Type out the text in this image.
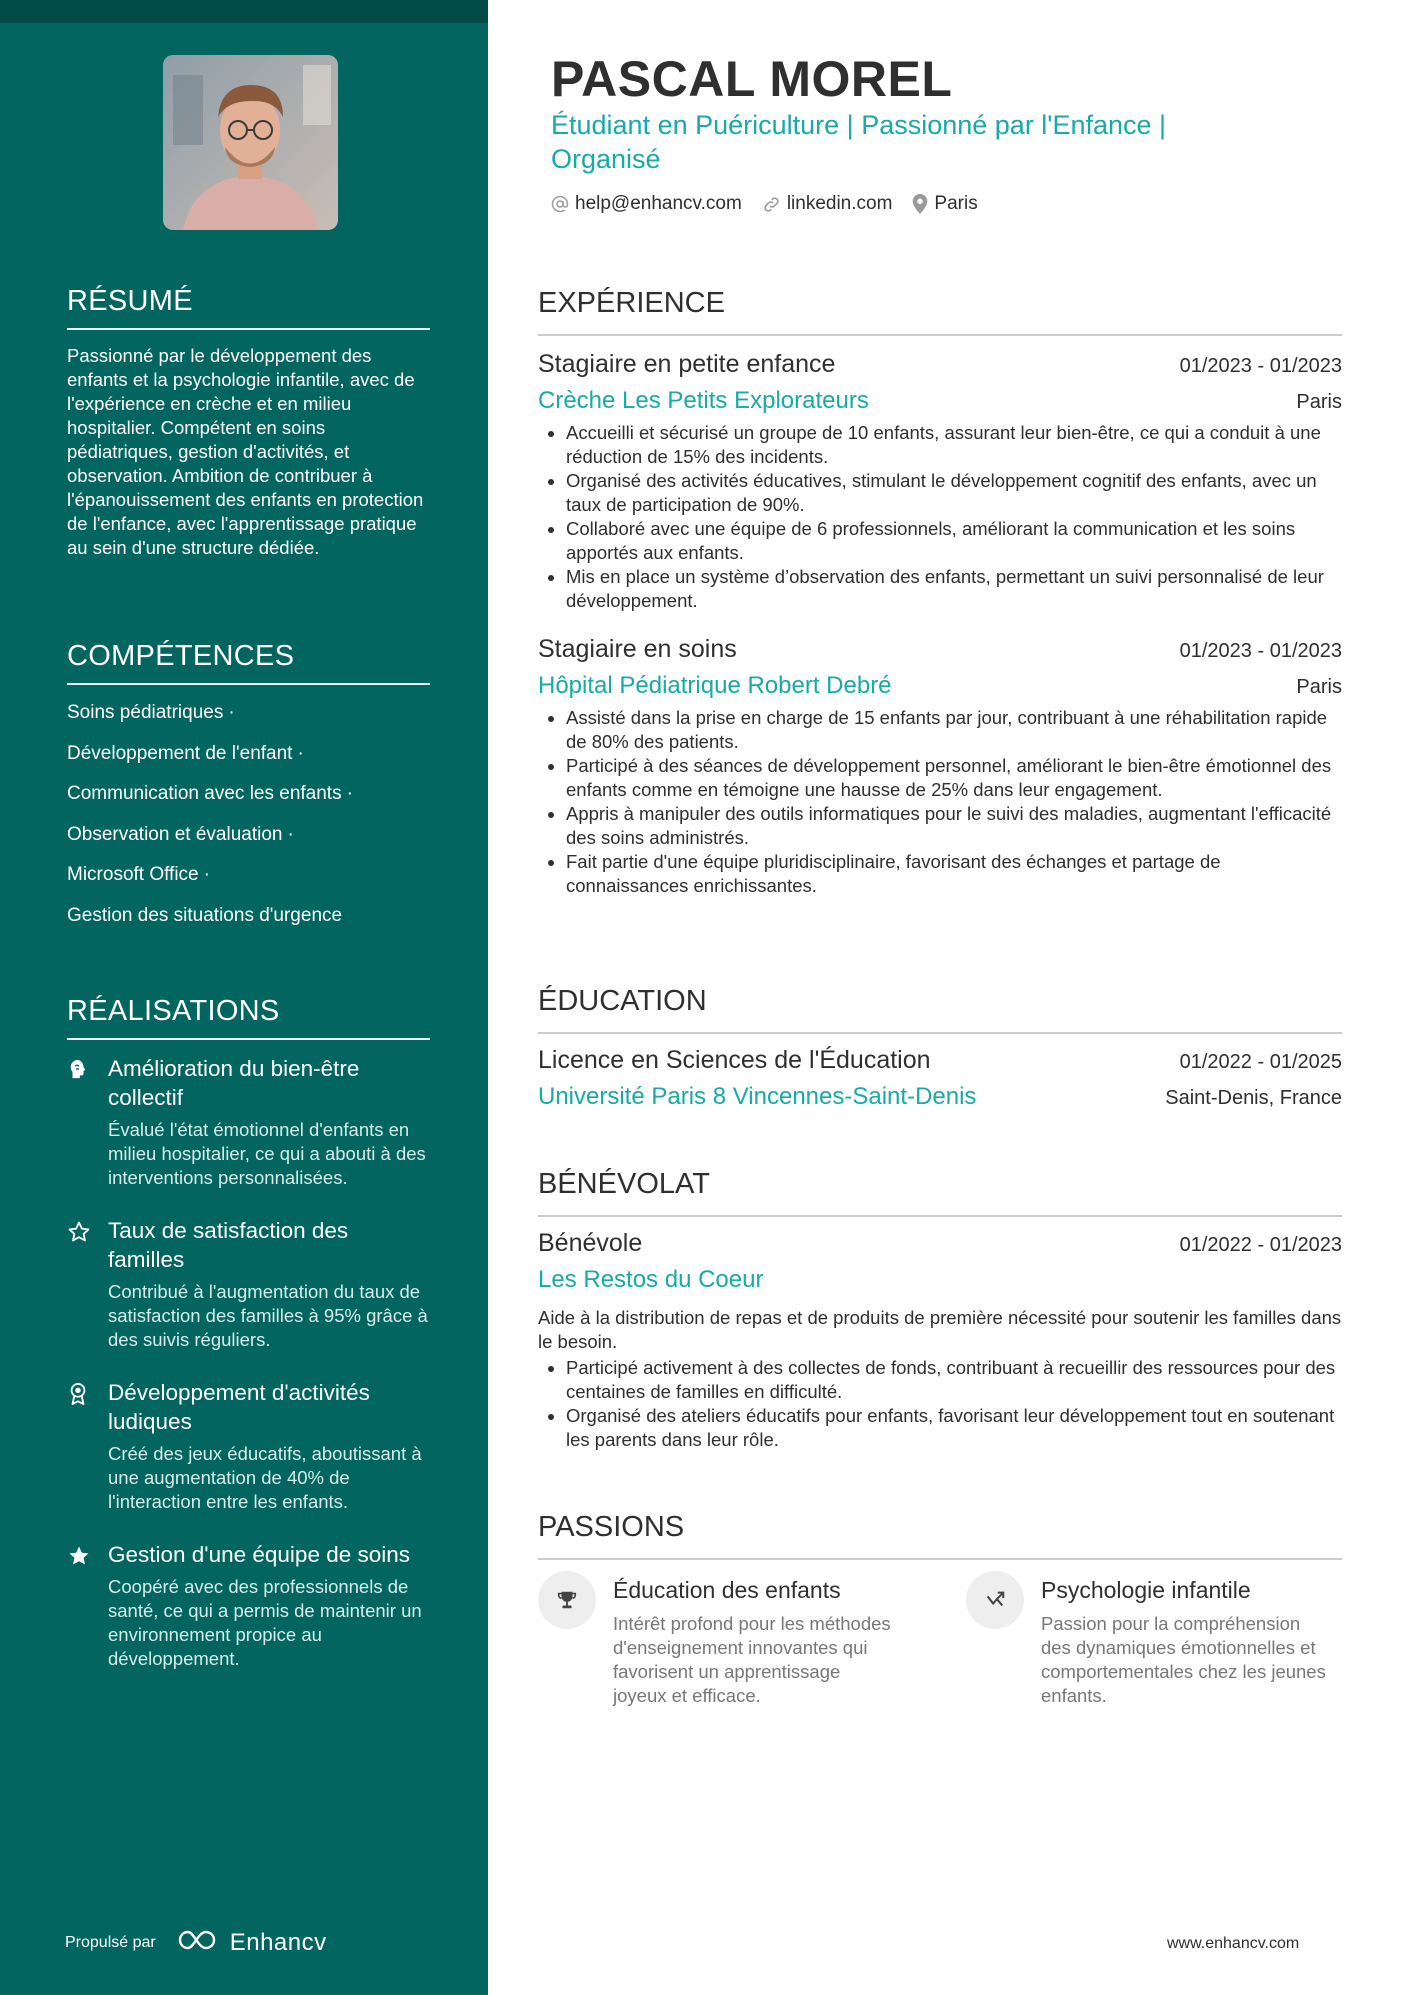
RÉSUMÉ
Passionné par le développement des enfants et la psychologie infantile, avec de l'expérience en crèche et en milieu hospitalier. Compétent en soins pédiatriques, gestion d'activités, et observation. Ambition de contribuer à l'épanouissement des enfants en protection de l'enfance, avec l'apprentissage pratique au sein d'une structure dédiée.
COMPÉTENCES
Soins pédiatriques ·
Développement de l'enfant ·
Communication avec les enfants ·
Observation et évaluation ·
Microsoft Office ·
Gestion des situations d'urgence
RÉALISATIONS
Amélioration du bien-être collectif
Évalué l'état émotionnel d'enfants en milieu hospitalier, ce qui a abouti à des interventions personnalisées.
Taux de satisfaction des familles
Contribué à l'augmentation du taux de satisfaction des familles à 95% grâce à des suivis réguliers.
Développement d'activités ludiques
Créé des jeux éducatifs, aboutissant à une augmentation de 40% de l'interaction entre les enfants.
Gestion d'une équipe de soins
Coopéré avec des professionnels de santé, ce qui a permis de maintenir un environnement propice au développement.
Propulsé par	Enhancv
PASCAL MOREL
Étudiant en Puériculture | Passionné par l'Enfance | Organisé
help@enhancv.com linkedin.com Paris
EXPÉRIENCE
Stagiaire en petite enfance	01/2023 - 01/2023
Crèche Les Petits Explorateurs	Paris
• Accueilli et sécurisé un groupe de 10 enfants, assurant leur bien-être, ce qui a conduit à une réduction de 15% des incidents.
• Organisé des activités éducatives, stimulant le développement cognitif des enfants, avec un taux de participation de 90%.
• Collaboré avec une équipe de 6 professionnels, améliorant la communication et les soins apportés aux enfants.
• Mis en place un système d’observation des enfants, permettant un suivi personnalisé de leur développement.
Stagiaire en soins	01/2023 - 01/2023
Hôpital Pédiatrique Robert Debré	Paris
• Assisté dans la prise en charge de 15 enfants par jour, contribuant à une réhabilitation rapide de 80% des patients.
• Participé à des séances de développement personnel, améliorant le bien-être émotionnel des enfants comme en témoigne une hausse de 25% dans leur engagement.
• Appris à manipuler des outils informatiques pour le suivi des maladies, augmentant l'efficacité des soins administrés.
• Fait partie d'une équipe pluridisciplinaire, favorisant des échanges et partage de connaissances enrichissantes.
ÉDUCATION
Licence en Sciences de l'Éducation	01/2022 - 01/2025
Université Paris 8 Vincennes-Saint-Denis	Saint-Denis, France
BÉNÉVOLAT
Bénévole	01/2022 - 01/2023
Les Restos du Coeur
Aide à la distribution de repas et de produits de première nécessité pour soutenir les familles dans le besoin.
• Participé activement à des collectes de fonds, contribuant à recueillir des ressources pour des centaines de familles en difficulté.
• Organisé des ateliers éducatifs pour enfants, favorisant leur développement tout en soutenant les parents dans leur rôle.
PASSIONS
Éducation des enfants
Intérêt profond pour les méthodes d'enseignement innovantes qui favorisent un apprentissage joyeux et efficace.
Psychologie infantile
Passion pour la compréhension des dynamiques émotionnelles et comportementales chez les jeunes enfants.
www.enhancv.com
